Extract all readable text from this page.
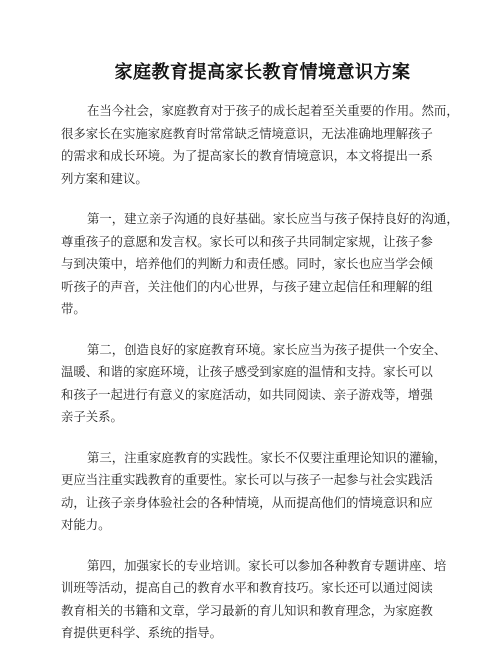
家庭教育提高家长教育情境意识方案
在当今社会，家庭教育对于孩子的成长起着至关重要的作用。然而，
很多家长在实施家庭教育时常常缺乏情境意识，无法准确地理解孩子
的需求和成长环境。为了提高家长的教育情境意识，本文将提出一系
列方案和建议。
第一，建立亲子沟通的良好基础。家长应当与孩子保持良好的沟通，
尊重孩子的意愿和发言权。家长可以和孩子共同制定家规，让孩子参
与到决策中，培养他们的判断力和责任感。同时，家长也应当学会倾
听孩子的声音，关注他们的内心世界，与孩子建立起信任和理解的组
带。
第二，创造良好的家庭教育环境。家长应当为孩子提供一个安全、
温暖、和谐的家庭环境，让孩子感受到家庭的温情和支持。家长可以
和孩子一起进行有意义的家庭活动，如共同阅读、亲子游戏等，增强
亲子关系。
第三，注重家庭教育的实践性。家长不仅要注重理论知识的灌输，
更应当注重实践教育的重要性。家长可以与孩子一起参与社会实践活
动，让孩子亲身体验社会的各种情境，从而提高他们的情境意识和应
对能力。
第四，加强家长的专业培训。家长可以参加各种教育专题讲座、培
训班等活动，提高自己的教育水平和教育技巧。家长还可以通过阅读
教育相关的书籍和文章，学习最新的育儿知识和教育理念，为家庭教
育提供更科学、系统的指导。
